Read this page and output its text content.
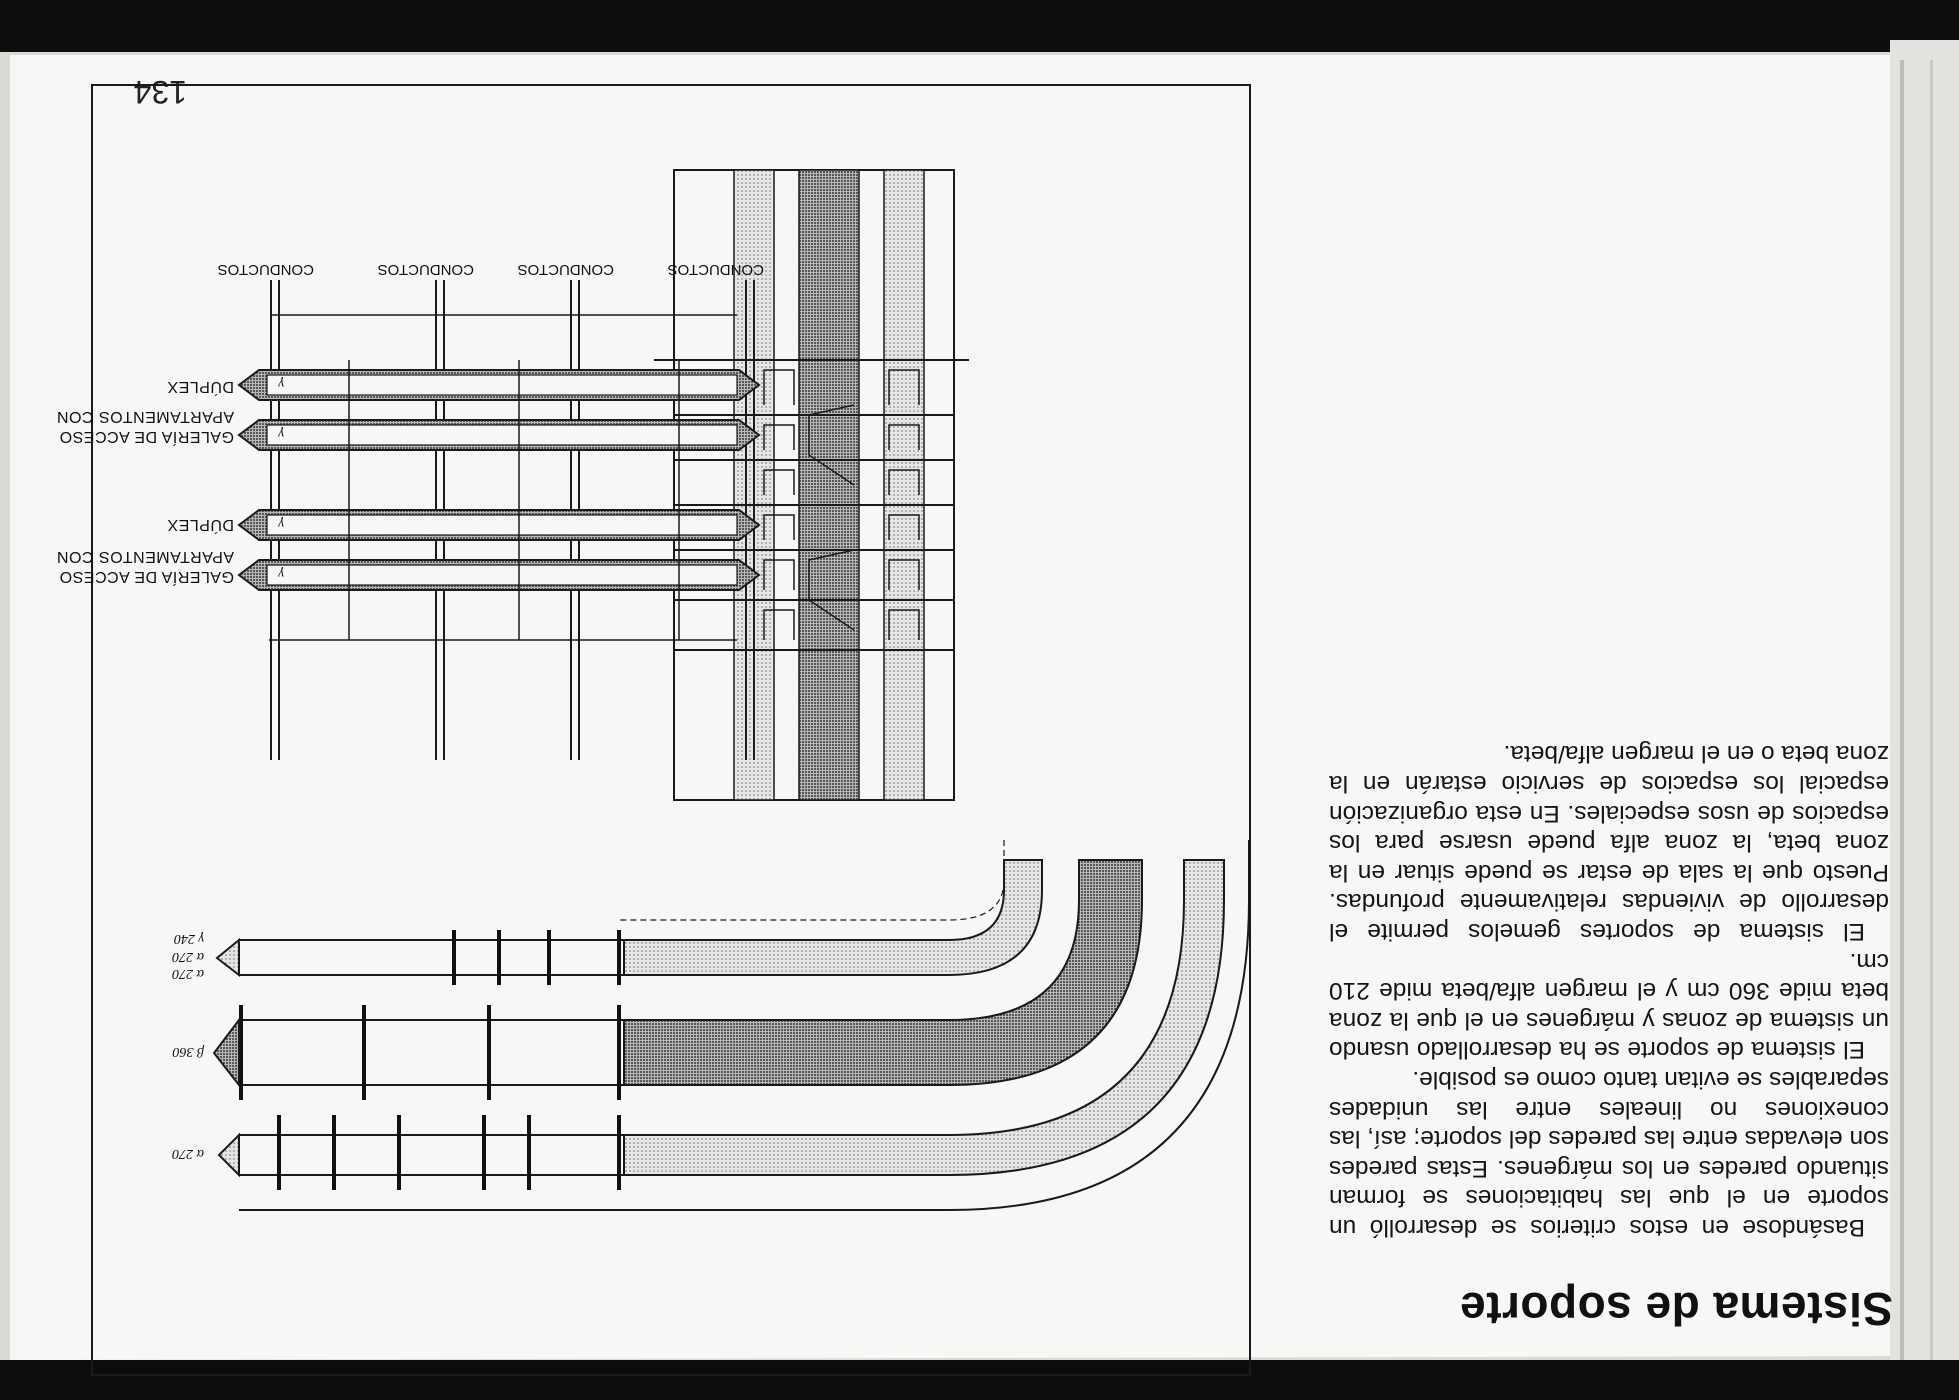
Sistema de soporte

Basándose en estos criterios se desarrolló un soporte en el que las habitaciones se forman situando paredes en los márgenes. Estas paredes son elevadas entre las paredes del soporte; así, las conexiones no lineales entre las unidades separables se evitan tanto como es posible.

El sistema de soporte se ha desarrollado usando un sistema de zonas y márgenes en el que la zona beta mide 360 cm y el margen alfa/beta mide 210 cm.

El sistema de soportes gemelos permite el desarrollo de viviendas relativamente profundas. Puesto que la sala de estar se puede situar en la zona beta, la zona alfa puede usarse para los espacios de usos especiales. En esta organización espacial los espacios de servicio estarán en la zona beta o en el margen alfa/beta.

134
α 270
β 360
α 270
α 270
γ 240
CONDUCTOS
CONDUCTOS
CONDUCTOS
CONDUCTOS
GALERÍA DE ACCESO
APARTAMENTOS CON
DÚPLEX
GALERÍA DE ACCESO
APARTAMENTOS CON
DÚPLEX
γ
γ
γ
γ
